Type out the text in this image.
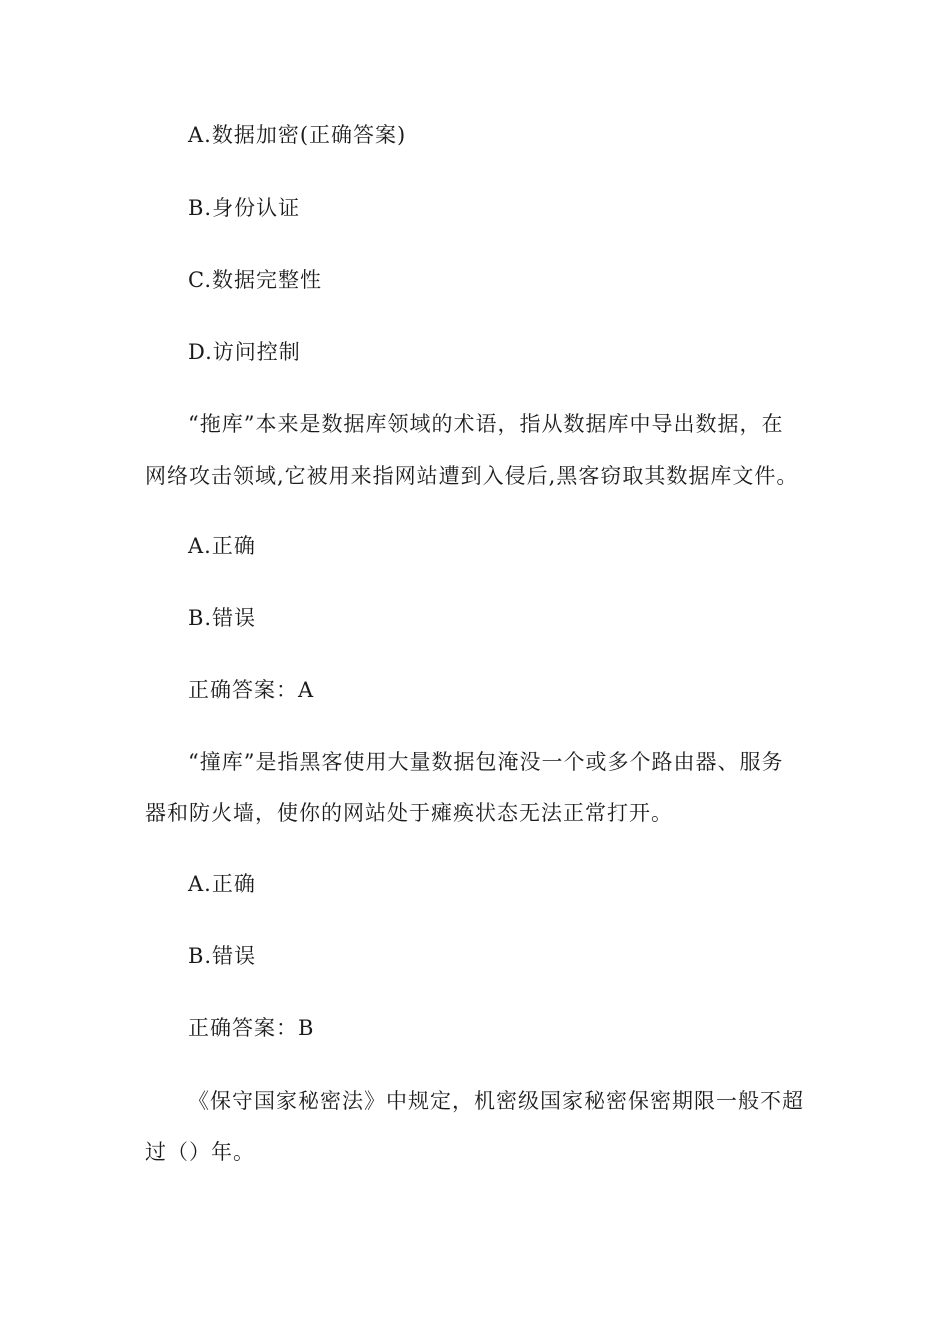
A.数据加密(正确答案)
B.身份认证
C.数据完整性
D.访问控制
“拖库”本来是数据库领域的术语，指从数据库中导出数据，在
网络攻击领域,它被用来指网站遭到入侵后,黑客窃取其数据库文件。
A.正确
B.错误
正确答案：A
“撞库”是指黑客使用大量数据包淹没一个或多个路由器、服务
器和防火墙，使你的网站处于瘫痪状态无法正常打开。
A.正确
B.错误
正确答案：B
《保守国家秘密法》中规定，机密级国家秘密保密期限一般不超
过（）年。
